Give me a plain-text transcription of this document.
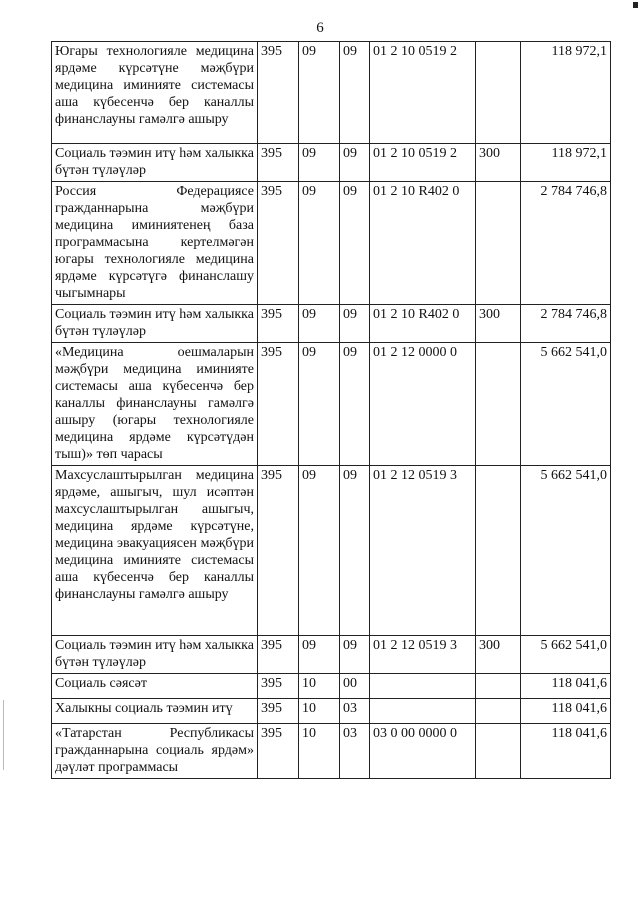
6
Югары технологияле медицина ярдәме күрсәтүне мәҗбүри медицина иминияте системасы аша күбесенчә бер каналлы финанслауны гамәлгә ашыру	395	09	09	01 2 10 0519 2		118 972,1
Социаль тәэмин итү һәм халыкка бүтән түләүләр	395	09	09	01 2 10 0519 2	300	118 972,1
Россия Федерациясе гражданнарына мәҗбүри медицина иминиятенең база программасына кертелмәгән югары технологияле медицина ярдәме күрсәтүгә финанслашу чыгымнары	395	09	09	01 2 10 R402 0		2 784 746,8
Социаль тәэмин итү һәм халыкка бүтән түләүләр	395	09	09	01 2 10 R402 0	300	2 784 746,8
«Медицина оешмаларын мәҗбүри медицина иминияте системасы аша күбесенчә бер каналлы финанслауны гамәлгә ашыру (югары технологияле медицина ярдәме күрсәтүдән тыш)» төп чарасы	395	09	09	01 2 12 0000 0		5 662 541,0
Махсуслаштырылган медицина ярдәме, ашыгыч, шул исәптән махсуслаштырылган ашыгыч, медицина ярдәме күрсәтүне, медицина эвакуациясен мәҗбүри медицина иминияте системасы аша күбесенчә бер каналлы финанслауны гамәлгә ашыру	395	09	09	01 2 12 0519 3		5 662 541,0
Социаль тәэмин итү һәм халыкка бүтән түләүләр	395	09	09	01 2 12 0519 3	300	5 662 541,0
Социаль сәясәт	395	10	00			118 041,6
Халыкны социаль тәэмин итү	395	10	03			118 041,6
«Татарстан Республикасы гражданнарына социаль ярдәм» дәүләт программасы	395	10	03	03 0 00 0000 0		118 041,6
